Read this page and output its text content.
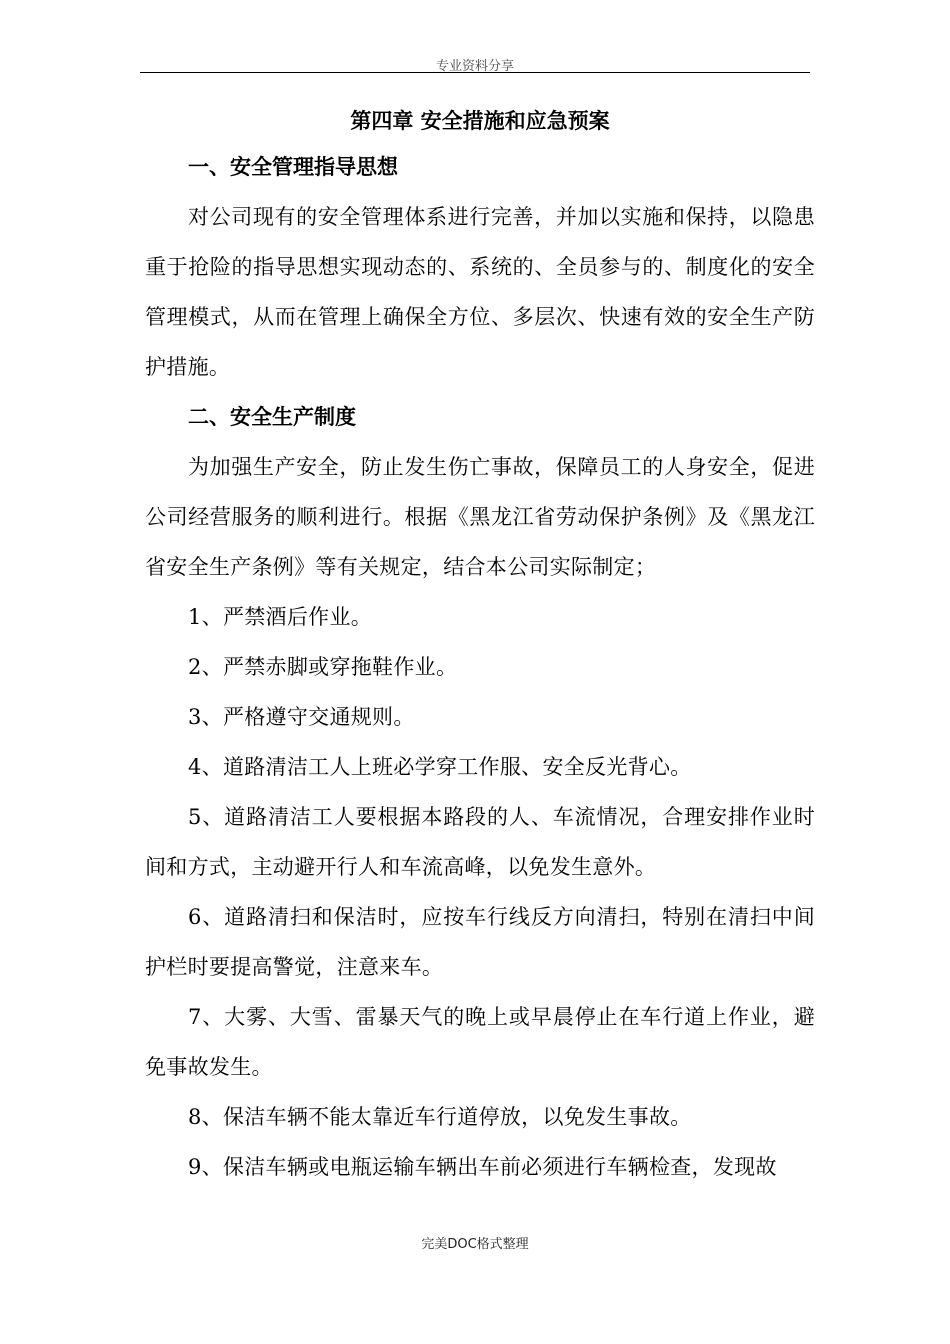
专业资料分享
第四章 安全措施和应急预案
一、安全管理指导思想

对公司现有的安全管理体系进行完善，并加以实施和保持，以隐患重于抢险的指导思想实现动态的、系统的、全员参与的、制度化的安全管理模式，从而在管理上确保全方位、多层次、快速有效的安全生产防护措施。

二、安全生产制度

为加强生产安全，防止发生伤亡事故，保障员工的人身安全，促进公司经营服务的顺利进行。根据《黑龙江省劳动保护条例》及《黑龙江省安全生产条例》等有关规定，结合本公司实际制定；

1、严禁酒后作业。

2、严禁赤脚或穿拖鞋作业。

3、严格遵守交通规则。

4、道路清洁工人上班必学穿工作服、安全反光背心。

5、道路清洁工人要根据本路段的人、车流情况，合理安排作业时间和方式，主动避开行人和车流高峰，以免发生意外。

6、道路清扫和保洁时，应按车行线反方向清扫，特别在清扫中间护栏时要提高警觉，注意来车。

7、大雾、大雪、雷暴天气的晚上或早晨停止在车行道上作业，避免事故发生。

8、保洁车辆不能太靠近车行道停放，以免发生事故。

9、保洁车辆或电瓶运输车辆出车前必须进行车辆检查，发现故

完美DOC格式整理
